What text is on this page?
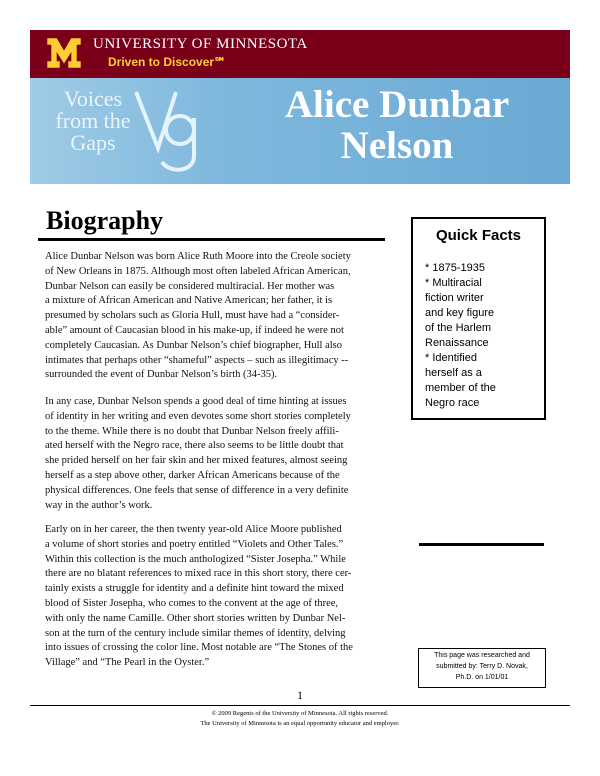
UNIVERSITY OF MINNESOTA
Driven to Discover℠
Voices
from the
Gaps
Alice Dunbar
Nelson
Biography

Alice Dunbar Nelson was born Alice Ruth Moore into the Creole society
of New Orleans in 1875. Although most often labeled African American,
Dunbar Nelson can easily be considered multiracial. Her mother was
a mixture of African American and Native American; her father, it is
presumed by scholars such as Gloria Hull, must have had a “consider-
able” amount of Caucasian blood in his make-up, if indeed he were not
completely Caucasian. As Dunbar Nelson’s chief biographer, Hull also
intimates that perhaps other “shameful” aspects – such as illegitimacy --
surrounded the event of Dunbar Nelson’s birth (34-35).

In any case, Dunbar Nelson spends a good deal of time hinting at issues
of identity in her writing and even devotes some short stories completely
to the theme. While there is no doubt that Dunbar Nelson freely affili-
ated herself with the Negro race, there also seems to be little doubt that
she prided herself on her fair skin and her mixed features, almost seeing
herself as a step above other, darker African Americans because of the
physical differences. One feels that sense of difference in a very definite
way in the author’s work.

Early on in her career, the then twenty year-old Alice Moore published
a volume of short stories and poetry entitled “Violets and Other Tales.”
Within this collection is the much anthologized “Sister Josepha.” While
there are no blatant references to mixed race in this short story, there cer-
tainly exists a struggle for identity and a definite hint toward the mixed
blood of Sister Josepha, who comes to the convent at the age of three,
with only the name Camille. Other short stories written by Dunbar Nel-
son at the turn of the century include similar themes of identity, delving
into issues of crossing the color line. Most notable are “The Stones of the
Village” and “The Pearl in the Oyster.”

Quick Facts
* 1875-1935
* Multiracial
fiction writer
and key figure
of the Harlem
Renaissance
* Identified
herself as a
member of the
Negro race
This page was researched and
submitted by: Terry D. Novak,
Ph.D. on 1/01/01
1
© 2009 Regents of the University of Minnesota. All rights reserved.
The University of Minnesota is an equal opportunity educator and employer.
